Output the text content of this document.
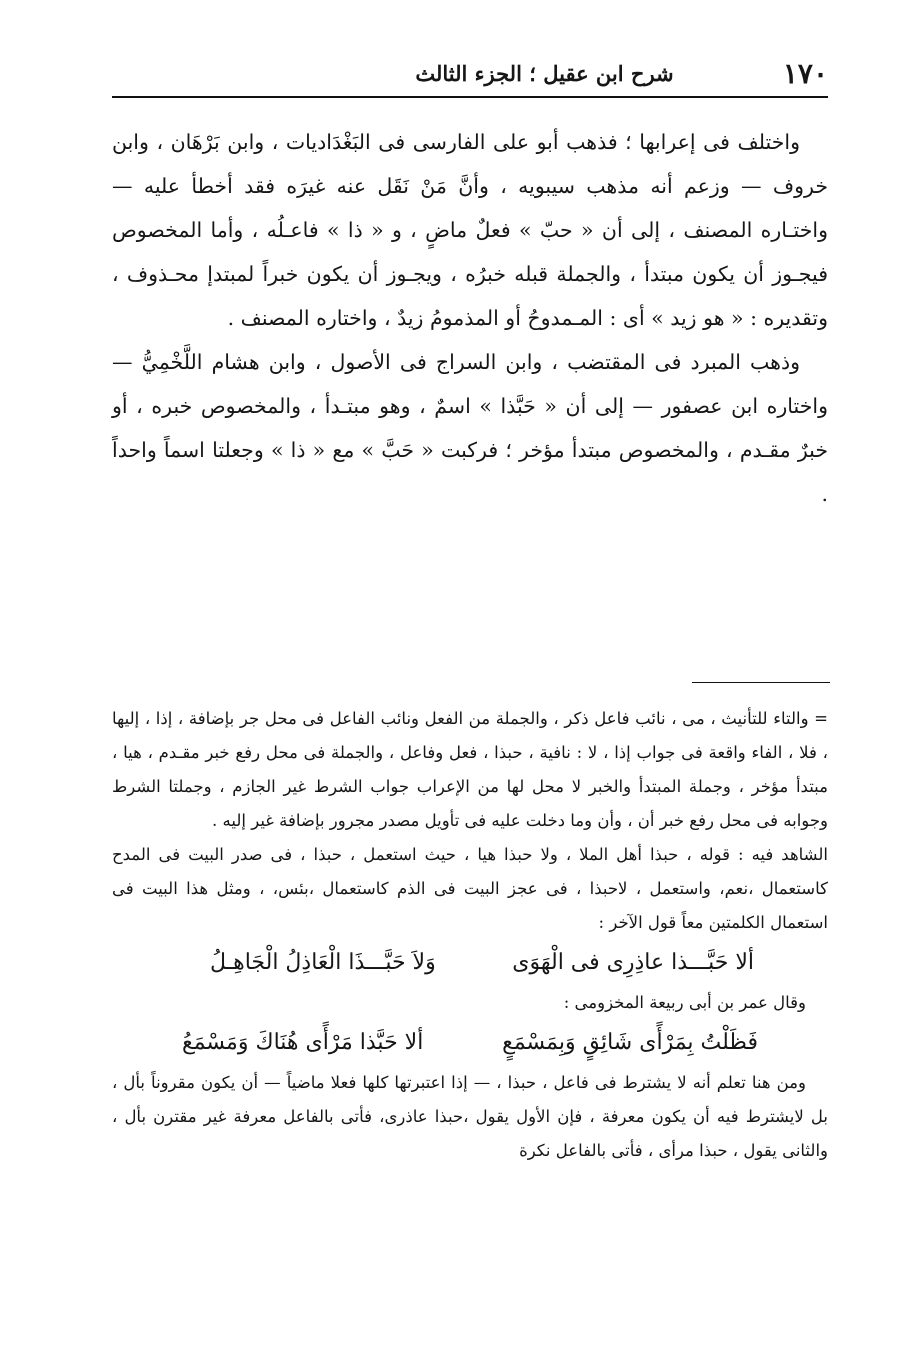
١٧٠
شرح ابن عقيل ؛ الجزء الثالث

واختلف فى إعرابها ؛ فذهب أبو على الفارسى فى البَغْدَاديات ، وابن بَرْهَان ، وابن خروف — وزعم أنه مذهب سيبويه ، وأنَّ مَنْ نَقَل عنه غيرَه فقد أخطأ عليه — واختـاره المصنف ، إلى أن « حبّ » فعلٌ ماضٍ ، و « ذا » فاعـلُه ، وأما المخصوص فيجـوز أن يكون مبتدأ ، والجملة قبله خبرُه ، ويجـوز أن يكون خبراً لمبتدإ محـذوف ، وتقديره : « هو زيد » أى : المـمدوحُ أو المذمومُ زيدٌ ، واختاره المصنف .

وذهب المبرد فى المقتضب ، وابن السراج فى الأصول ، وابن هشام اللَّخْمِيُّ — واختاره ابن عصفور — إلى أن « حَبَّذا » اسمٌ ، وهو مبتـدأ ، والمخصوص خبره ، أو خبرٌ مقـدم ، والمخصوص مبتدأ مؤخر ؛ فركبت « حَبَّ » مع « ذا » وجعلتا اسماً واحداً .

= والتاء للتأنيث ، مى ، نائب فاعل ذكر ، والجملة من الفعل ونائب الفاعل فى محل جر بإضافة ، إذا ، إليها ، فلا ، الفاء واقعة فى جواب إذا ، لا : نافية ، حبذا ، فعل وفاعل ، والجملة فى محل رفع خبر مقـدم ، هيا ، مبتدأ مؤخر ، وجملة المبتدأ والخبر لا محل لها من الإعراب جواب الشرط غير الجازم ، وجملتا الشرط وجوابه فى محل رفع خبر أن ، وأن وما دخلت عليه فى تأويل مصدر مجرور بإضافة غير إليه .

الشاهد فيه : قوله ، حبذا أهل الملا ، ولا حبذا هيا ، حيث استعمل ، حبذا ، فى صدر البيت فى المدح كاستعمال ،نعم، واستعمل ، لاحبذا ، فى عجز البيت فى الذم كاستعمال ،بئس، ، ومثل هذا البيت فى استعمال الكلمتين معاً قول الآخر :

ألا حَبَّـــذا عاذِرِى فى الْهَوَى
وَلاَ حَبَّـــذَا الْعَاذِلُ الْجَاهِـلُ

وقال عمر بن أبى ربيعة المخزومى :

فَظَلْتُ بِمَرْأًى شَائِقٍ وَبِمَسْمَعٍ
ألا حَبَّذا مَرْأًى هُنَاكَ وَمَسْمَعُ

ومن هنا تعلم أنه لا يشترط فى فاعل ، حبذا ، — إذا اعتبرتها كلها فعلا ماضياً — أن يكون مقروناً بأل ، بل لايشترط فيه أن يكون معرفة ، فإن الأول يقول ،حبذا عاذرى، فأتى بالفاعل معرفة غير مقترن بأل ، والثانى يقول ، حبذا مرأى ، فأتى بالفاعل نكرة
